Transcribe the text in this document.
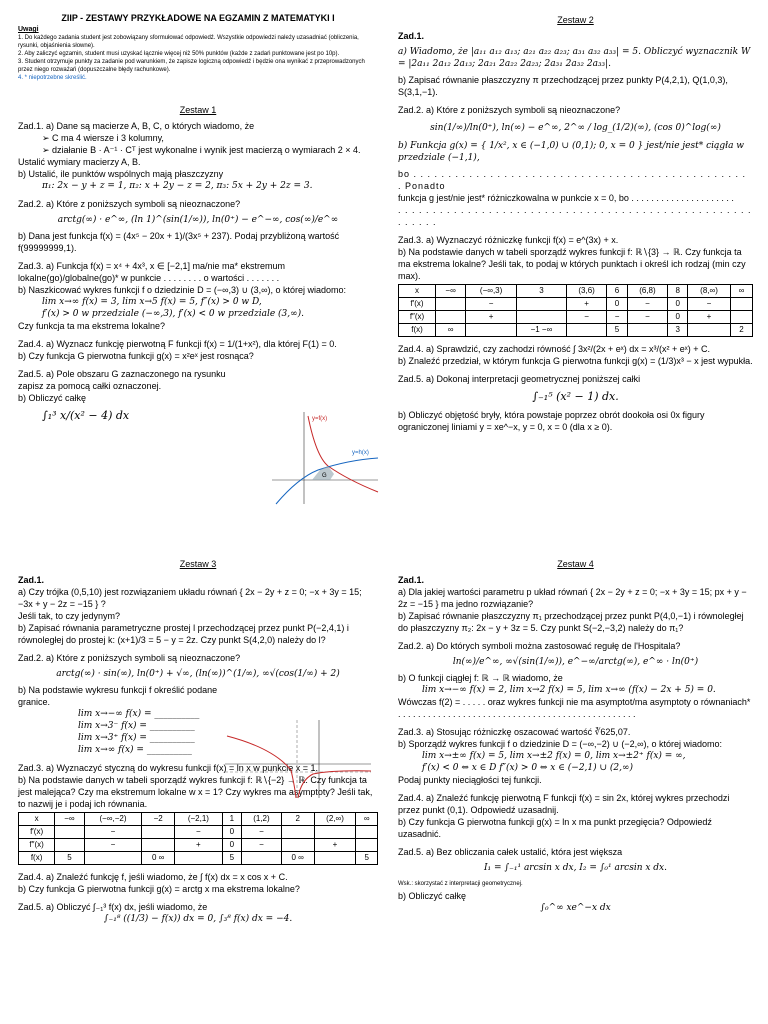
ZIIP - ZESTAWY PRZYKŁADOWE NA EGZAMIN Z MATEMATYKI I
Uwagi
1. Do każdego zadania student jest zobowiązany sformułować odpowiedź. Wszystkie odpowiedzi należy uzasadniać (obliczenia, rysunki, objaśnienia słowne).
2. Aby zaliczyć egzamin, student musi uzyskać łącznie więcej niż 50% punktów (każde z zadań punktowane jest po 10p).
3. Student otrzymuje punkty za zadanie pod warunkiem, że zapisze logiczną odpowiedź i będzie ona wynikać z przeprowadzonych przez niego rozważań (dopuszczalne błędy rachunkowe).
4. * niepotrzebne skreślić.
Zestaw 1
Zad.1. a) Dane są macierze A, B, C, o których wiadomo, że
➢ C ma 4 wiersze i 3 kolumny,
➢ działanie B · A⁻¹ · Cᵀ jest wykonalne i wynik jest macierzą o wymiarach 2 × 4.
Ustalić wymiary macierzy A, B.
b) Ustalić, ile punktów wspólnych mają płaszczyzny
π₁: 2x − y + z = 1, π₂: x + 2y − z = 2, π₃: 5x + 2y + 2z = 3.
Zad.2. a) Które z poniższych symboli są nieoznaczone?
arctg(∞) · e^∞, (ln 1)^(sin(1/∞)), ln(0⁺) − e^−∞, cos(∞)/e^∞
b) Dana jest funkcja f(x) = (4x⁵ − 20x + 1)/(3x⁵ + 237). Podaj przybliżoną wartość f(99999999,1).
Zad.3. a) Funkcja f(x) = x⁴ + 4x³, x ∈ [−2,1] ma/nie ma* ekstremum lokalne(go)/globalne(go)* w punkcie . . . . . . . . o wartości . . . . . . .
b) Naszkicować wykres funkcji f o dziedzinie D = (−∞,3) ∪ (3,∞), o której wiadomo:
lim x→∞ f(x) = 3, lim x→5 f(x) = 5, f″(x) > 0 w D,
f′(x) > 0 w przedziale (−∞,3), f′(x) < 0 w przedziale (3,∞).
Czy funkcja ta ma ekstrema lokalne?
Zad.4. a) Wyznacz funkcję pierwotną F funkcji f(x) = 1/(1+x²), dla której F(1) = 0.
b) Czy funkcja G pierwotna funkcji g(x) = x²eˣ jest rosnąca?
Zad.5. a) Pole obszaru G zaznaczonego na rysunku zapisz za pomocą całki oznaczonej.
b) Obliczyć całkę
∫₁³ x/(x² − 4) dx	y=f(x)
y=h(x)
G
Zestaw 3
Zad.1.
a) Czy trójka (0,5,10) jest rozwiązaniem układu równań { 2x − 2y + z = 0; −x + 3y = 15; −3x + y − 2z = −15 } ?
Jeśli tak, to czy jedynym?
b) Zapisać równania parametryczne prostej l przechodzącej przez punkt P(−2,4,1) i równoległej do prostej k: (x+1)/3 = 5 − y = 2z. Czy punkt S(4,2,0) należy do l?
Zad.2. a) Które z poniższych symboli są nieoznaczone?
arctg(∞) · sin(∞), ln(0⁺) + √∞, (ln(∞))^(1/∞), ∞√(cos(1/∞) + 2)
b) Na podstawie wykresu funkcji f określić podane granice.
lim x→−∞ f(x) = __________
lim x→3⁻ f(x) = __________
lim x→3⁺ f(x) = __________
lim x→∞ f(x) = __________
Zad.3. a) Wyznaczyć styczną do wykresu funkcji f(x) = ln x w punkcie x = 1.
b) Na podstawie danych w tabeli sporządź wykres funkcji f: ℝ∖{−2} → ℝ. Czy funkcja ta jest malejąca? Czy ma ekstremum lokalne w x = 1? Czy wykres ma asymptoty? Jeśli tak, to nazwij je i podaj ich równania.
x	−∞	(−∞,−2)	−2	(−2,1)	1	(1,2)	2	(2,∞)	∞
f′(x)		−		−	0	−			
f″(x)		−		+	0	−		+	
f(x)	5		0 ∞		5		0 ∞		5
Zad.4. a) Znaleźć funkcję f, jeśli wiadomo, że ∫ f(x) dx = x cos x + C.
b) Czy funkcja G pierwotna funkcji g(x) = arctg x ma ekstrema lokalne?
Zad.5. a) Obliczyć ∫₋₁³ f(x) dx, jeśli wiadomo, że
∫₋₁⁸ ((1/3) − f(x)) dx = 0, ∫₃⁸ f(x) dx = −4.
Zestaw 2
Zad.1.
a) Wiadomo, że |a₁₁ a₁₂ a₁₃; a₂₁ a₂₂ a₂₃; a₃₁ a₃₂ a₃₃| = 5. Obliczyć wyznacznik W = |2a₁₁ 2a₁₂ 2a₁₃; 2a₂₁ 2a₂₂ 2a₂₃; 2a₃₁ 2a₃₂ 2a₃₃|.
b) Zapisać równanie płaszczyzny π przechodzącej przez punkty P(4,2,1), Q(1,0,3), S(3,1,−1).
Zad.2. a) Które z poniższych symboli są nieoznaczone?
sin(1/∞)/ln(0⁺), ln(∞) − e^∞, 2^∞ / log_(1/2)(∞), (cos 0)^log(∞)
b) Funkcja g(x) = { 1/x², x ∈ (−1,0) ∪ (0,1); 0, x = 0 } jest/nie jest* ciągła w przedziale (−1,1),
bo . . . . . . . . . . . . . . . . . . . . . . . . . . . . . . . . . . . . . . . . . . . . . . . . . Ponadto
funkcja g jest/nie jest* różniczkowalna w punkcie x = 0, bo . . . . . . . . . . . . . . . . . . . . .
. . . . . . . . . . . . . . . . . . . . . . . . . . . . . . . . . . . . . . . . . . . . . . . . . . . . . . . . .
Zad.3. a) Wyznaczyć różniczkę funkcji f(x) = e^(3x) + x.
b) Na podstawie danych w tabeli sporządź wykres funkcji f: ℝ∖{3} → ℝ. Czy funkcja ta ma ekstrema lokalne? Jeśli tak, to podaj w których punktach i określ ich rodzaj (min czy max).
x	−∞	(−∞,3)	3	(3,6)	6	(6,8)	8	(8,∞)	∞
f′(x)		−		+	0	−	0	−	
f″(x)		+		−	−	−	0	+	
f(x)	∞		−1 −∞		5		3		2
Zad.4. a) Sprawdzić, czy zachodzi równość ∫ 3x²/(2x + eˣ) dx = x³/(x² + eˣ) + C.
b) Znaleźć przedział, w którym funkcja G pierwotna funkcji g(x) = (1/3)x³ − x jest wypukła.
Zad.5. a) Dokonaj interpretacji geometrycznej poniższej całki
∫₋₁⁵ (x² − 1) dx.
b) Obliczyć objętość bryły, która powstaje poprzez obrót dookoła osi 0x figury ograniczonej liniami y = xe^−x, y = 0, x = 0 (dla x ≥ 0).
Zestaw 4
Zad.1.
a) Dla jakiej wartości parametru p układ równań { 2x − 2y + z = 0; −x + 3y = 15; px + y − 2z = −15 } ma jedno rozwiązanie?
b) Zapisać równanie płaszczyzny π₁ przechodzącej przez punkt P(4,0,−1) i równoległej do płaszczyzny π₂: 2x − y + 3z = 5. Czy punkt S(−2,−3,2) należy do π₁?
Zad.2. a) Do których symboli można zastosować regułę de l'Hospitala?
ln(∞)/e^∞, ∞√(sin(1/∞)), e^−∞/arctg(∞), e^∞ · ln(0⁺)
b) O funkcji ciągłej f: ℝ → ℝ wiadomo, że
lim x→−∞ f(x) = 2, lim x→2 f(x) = 5, lim x→∞ (f(x) − 2x + 5) = 0.
Wówczas f(2) = . . . . . oraz wykres funkcji nie ma asymptot/ma asymptoty o równaniach* . . . . . . . . . . . . . . . . . . . . . . . . . . . . . . . . . . . . . . . . . . . . . . . .
Zad.3. a) Stosując różniczkę oszacować wartość ∛625,07.
b) Sporządź wykres funkcji f o dziedzinie D = (−∞,−2) ∪ (−2,∞), o której wiadomo:
lim x→±∞ f(x) = 5, lim x→±2 f(x) = 0, lim x→±2⁺ f(x) = ∞,
f′(x) < 0 ⇔ x ∈ D f″(x) > 0 ⇔ x ∈ (−2,1) ∪ (2,∞)
Podaj punkty nieciągłości tej funkcji.
Zad.4. a) Znaleźć funkcję pierwotną F funkcji f(x) = sin 2x, której wykres przechodzi przez punkt (0,1). Odpowiedź uzasadnij.
b) Czy funkcja G pierwotna funkcji g(x) = ln x ma punkt przegięcia? Odpowiedź uzasadnić.
Zad.5. a) Bez obliczania całek ustalić, która jest większa
I₁ = ∫₋₁¹ arcsin x dx, I₂ = ∫₀¹ arcsin x dx.
Wsk.: skorzystać z interpretacji geometrycznej.
b) Obliczyć całkę
∫₀^∞ xe^−x dx
